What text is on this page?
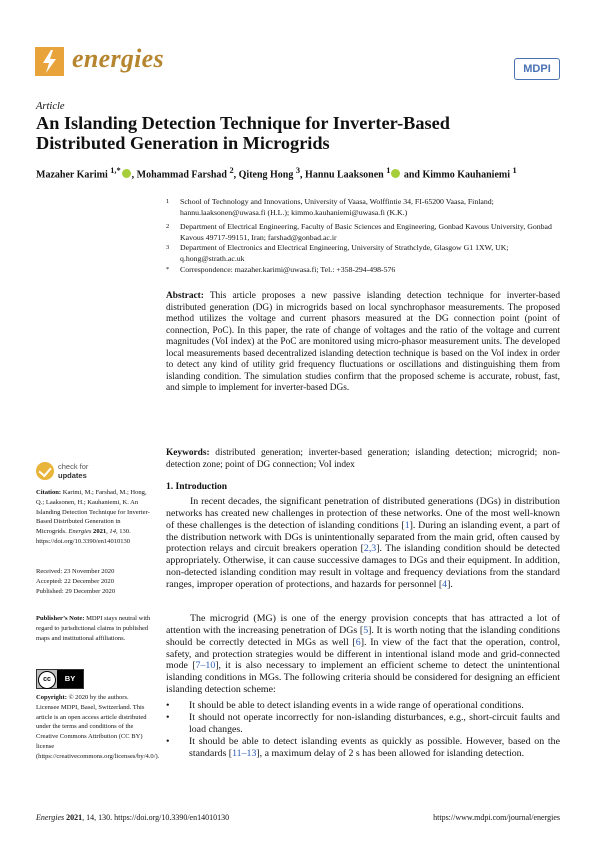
energies	MDPI
Article
An Islanding Detection Technique for Inverter-Based Distributed Generation in Microgrids
Mazaher Karimi $^{1,*}$ , Mohammad Farshad $^2$, Qiteng Hong $^3$, Hannu Laaksonen $^1$ and Kimmo Kauhaniemi $^1$
1 School of Technology and Innovations, University of Vaasa, Wolffintie 34, FI-65200 Vaasa, Finland; hannu.laaksonen@uwasa.fi (H.L.); kimmo.kauhaniemi@uwasa.fi (K.K.)
2 Department of Electrical Engineering, Faculty of Basic Sciences and Engineering, Gonbad Kavous University, Gonbad Kavous 49717-99151, Iran; farshad@gonbad.ac.ir
3 Department of Electronics and Electrical Engineering, University of Strathclyde, Glasgow G1 1XW, UK; q.hong@strath.ac.uk
* Correspondence: mazaher.karimi@uwasa.fi; Tel.: +358-294-498-576
Abstract: This article proposes a new passive islanding detection technique for inverter-based distributed generation (DG) in microgrids based on local synchrophasor measurements. The proposed method utilizes the voltage and current phasors measured at the DG connection point (point of connection, PoC). In this paper, the rate of change of voltages and the ratio of the voltage and current magnitudes (VoI index) at the PoC are monitored using micro-phasor measurement units. The developed local measurements based decentralized islanding detection technique is based on the VoI index in order to detect any kind of utility grid frequency fluctuations or oscillations and distinguishing them from islanding condition. The simulation studies confirm that the proposed scheme is accurate, robust, fast, and simple to implement for inverter-based DGs.
Keywords: distributed generation; inverter-based generation; islanding detection; microgrid; non-detection zone; point of DG connection; VoI index
check for
updates
Citation: Karimi, M.; Farshad, M.; Hong, Q.; Laaksonen, H.; Kauhaniemi, K. An Islanding Detection Technique for Inverter-Based Distributed Generation in Microgrids. Energies 2021, 14, 130. https://doi.org/10.3390/en14010130
Received: 23 November 2020
Accepted: 22 December 2020
Published: 29 December 2020
Publisher’s Note: MDPI stays neutral with regard to jurisdictional claims in published maps and institutional affiliations.
cc	BY
Copyright: © 2020 by the authors. Licensee MDPI, Basel, Switzerland. This article is an open access article distributed under the terms and conditions of the Creative Commons Attribution (CC BY) license (https://creativecommons.org/licenses/by/4.0/).
1. Introduction
In recent decades, the significant penetration of distributed generations (DGs) in distribution networks has created new challenges in protection of these networks. One of the most well-known of these challenges is the detection of islanding conditions [1]. During an islanding event, a part of the distribution network with DGs is unintentionally separated from the main grid, often caused by protection relays and circuit breakers operation [2,3]. The islanding condition should be detected appropriately. Otherwise, it can cause successive damages to DGs and their equipment. In addition, non-detected islanding condition may result in voltage and frequency deviations from the standard ranges, improper operation of protections, and hazards for personnel [4].
The microgrid (MG) is one of the energy provision concepts that has attracted a lot of attention with the increasing penetration of DGs [5]. It is worth noting that the islanding conditions should be correctly detected in MGs as well [6]. In view of the fact that the operation, control, safety, and protection strategies would be different in intentional island mode and grid-connected mode [7–10], it is also necessary to implement an efficient scheme to detect the unintentional islanding conditions in MGs. The following criteria should be considered for designing an efficient islanding detection scheme:
• It should be able to detect islanding events in a wide range of operational conditions.
• It should not operate incorrectly for non-islanding disturbances, e.g., short-circuit faults and load changes.
• It should be able to detect islanding events as quickly as possible. However, based on the standards [11–13], a maximum delay of 2 s has been allowed for islanding detection.
Energies 2021, 14, 130. https://doi.org/10.3390/en14010130	https://www.mdpi.com/journal/energies
